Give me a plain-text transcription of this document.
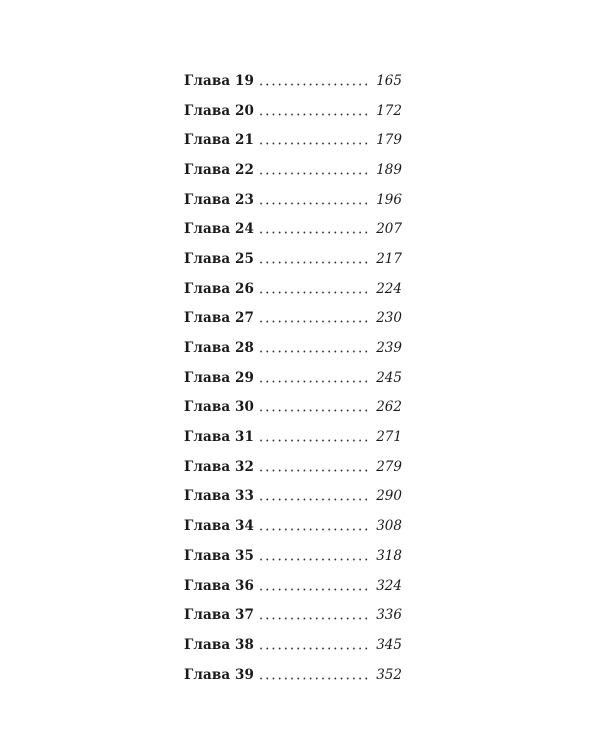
Глава 19	165
Глава 20	172
Глава 21	179
Глава 22	189
Глава 23	196
Глава 24	207
Глава 25	217
Глава 26	224
Глава 27	230
Глава 28	239
Глава 29	245
Глава 30	262
Глава 31	271
Глава 32	279
Глава 33	290
Глава 34	308
Глава 35	318
Глава 36	324
Глава 37	336
Глава 38	345
Глава 39	352
